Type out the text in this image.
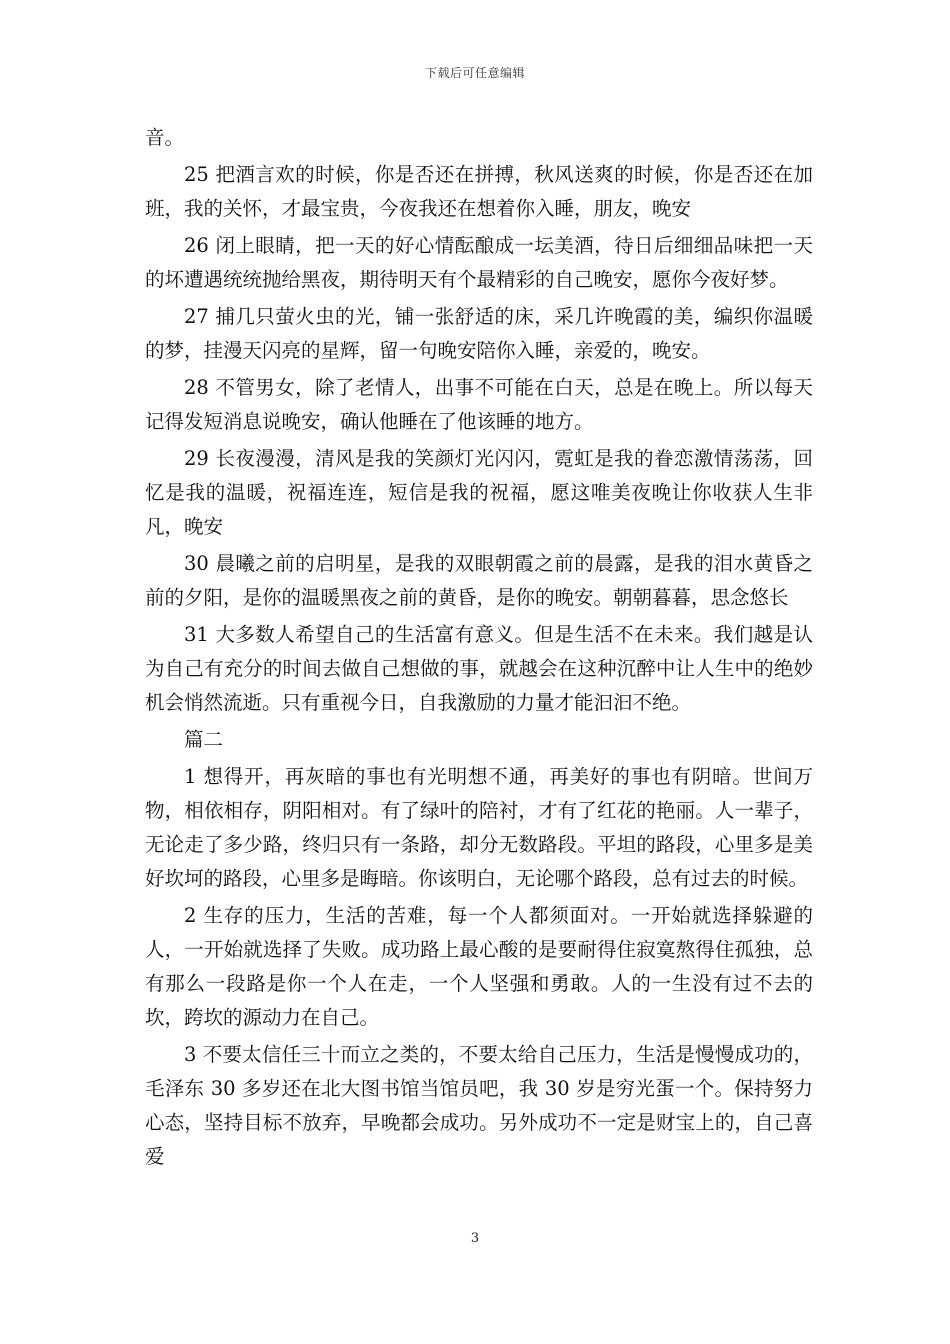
下载后可任意编辑

音。

25 把酒言欢的时候，你是否还在拼搏，秋风送爽的时候，你是否还在加班，我的关怀，才最宝贵，今夜我还在想着你入睡，朋友，晚安

26 闭上眼睛，把一天的好心情酝酿成一坛美酒，待日后细细品味把一天的坏遭遇统统抛给黑夜，期待明天有个最精彩的自己晚安，愿你今夜好梦。

27 捕几只萤火虫的光，铺一张舒适的床，采几许晚霞的美，编织你温暖的梦，挂漫天闪亮的星辉，留一句晚安陪你入睡，亲爱的，晚安。

28 不管男女，除了老情人，出事不可能在白天，总是在晚上。所以每天记得发短消息说晚安，确认他睡在了他该睡的地方。

29 长夜漫漫，清风是我的笑颜灯光闪闪，霓虹是我的眷恋激情荡荡，回忆是我的温暖，祝福连连，短信是我的祝福，愿这唯美夜晚让你收获人生非凡，晚安

30 晨曦之前的启明星，是我的双眼朝霞之前的晨露，是我的泪水黄昏之前的夕阳，是你的温暖黑夜之前的黄昏，是你的晚安。朝朝暮暮，思念悠长

31 大多数人希望自己的生活富有意义。但是生活不在未来。我们越是认为自己有充分的时间去做自己想做的事，就越会在这种沉醉中让人生中的绝妙机会悄然流逝。只有重视今日，自我激励的力量才能汩汩不绝。

篇二

1 想得开，再灰暗的事也有光明想不通，再美好的事也有阴暗。世间万物，相依相存，阴阳相对。有了绿叶的陪衬，才有了红花的艳丽。人一辈子，无论走了多少路，终归只有一条路，却分无数路段。平坦的路段，心里多是美好坎坷的路段，心里多是晦暗。你该明白，无论哪个路段，总有过去的时候。

2 生存的压力，生活的苦难，每一个人都须面对。一开始就选择躲避的人，一开始就选择了失败。成功路上最心酸的是要耐得住寂寞熬得住孤独，总有那么一段路是你一个人在走，一个人坚强和勇敢。人的一生没有过不去的坎，跨坎的源动力在自己。

3 不要太信任三十而立之类的，不要太给自己压力，生活是慢慢成功的，毛泽东 30 多岁还在北大图书馆当馆员吧，我 30 岁是穷光蛋一个。保持努力心态，坚持目标不放弃，早晚都会成功。另外成功不一定是财宝上的，自己喜爱

3
